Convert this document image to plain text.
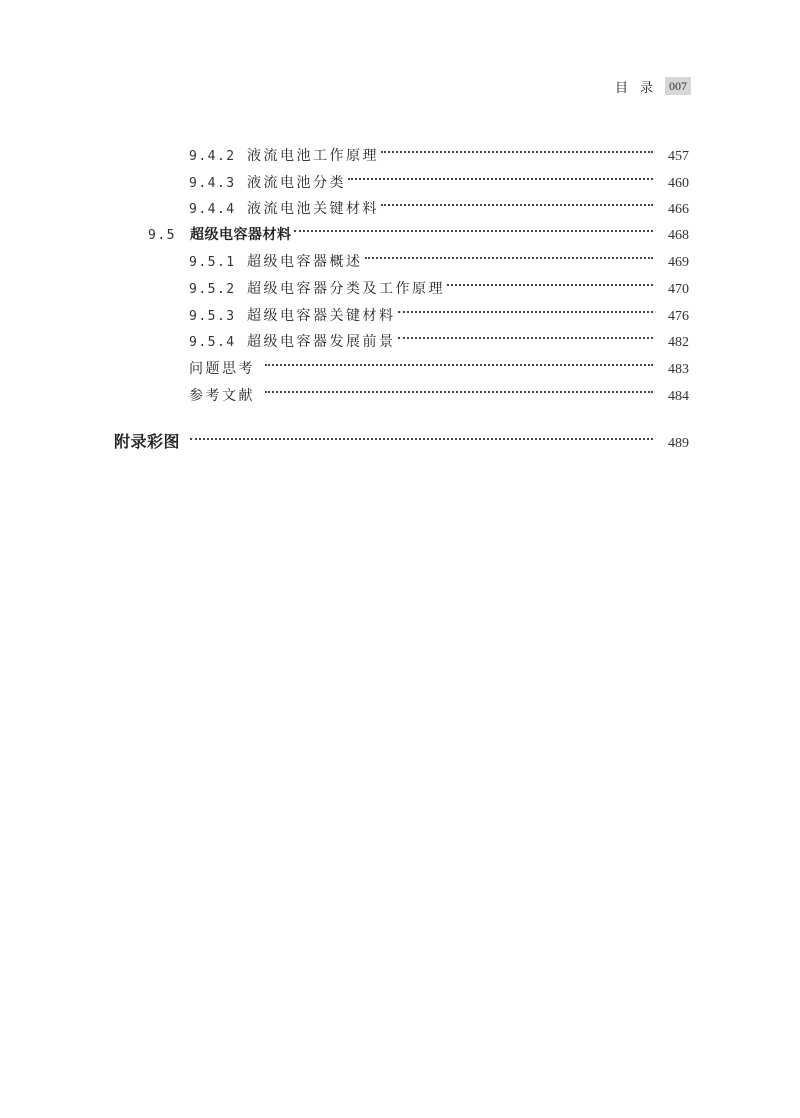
目录 007
9.4.2 液流电池工作原理	457
9.4.3 液流电池分类	460
9.4.4 液流电池关键材料	466
9.5	超级电容器材料	468
9.5.1 超级电容器概述	469
9.5.2 超级电容器分类及工作原理	470
9.5.3 超级电容器关键材料	476
9.5.4 超级电容器发展前景	482
问题思考	483
参考文献	484
附录彩图	489
